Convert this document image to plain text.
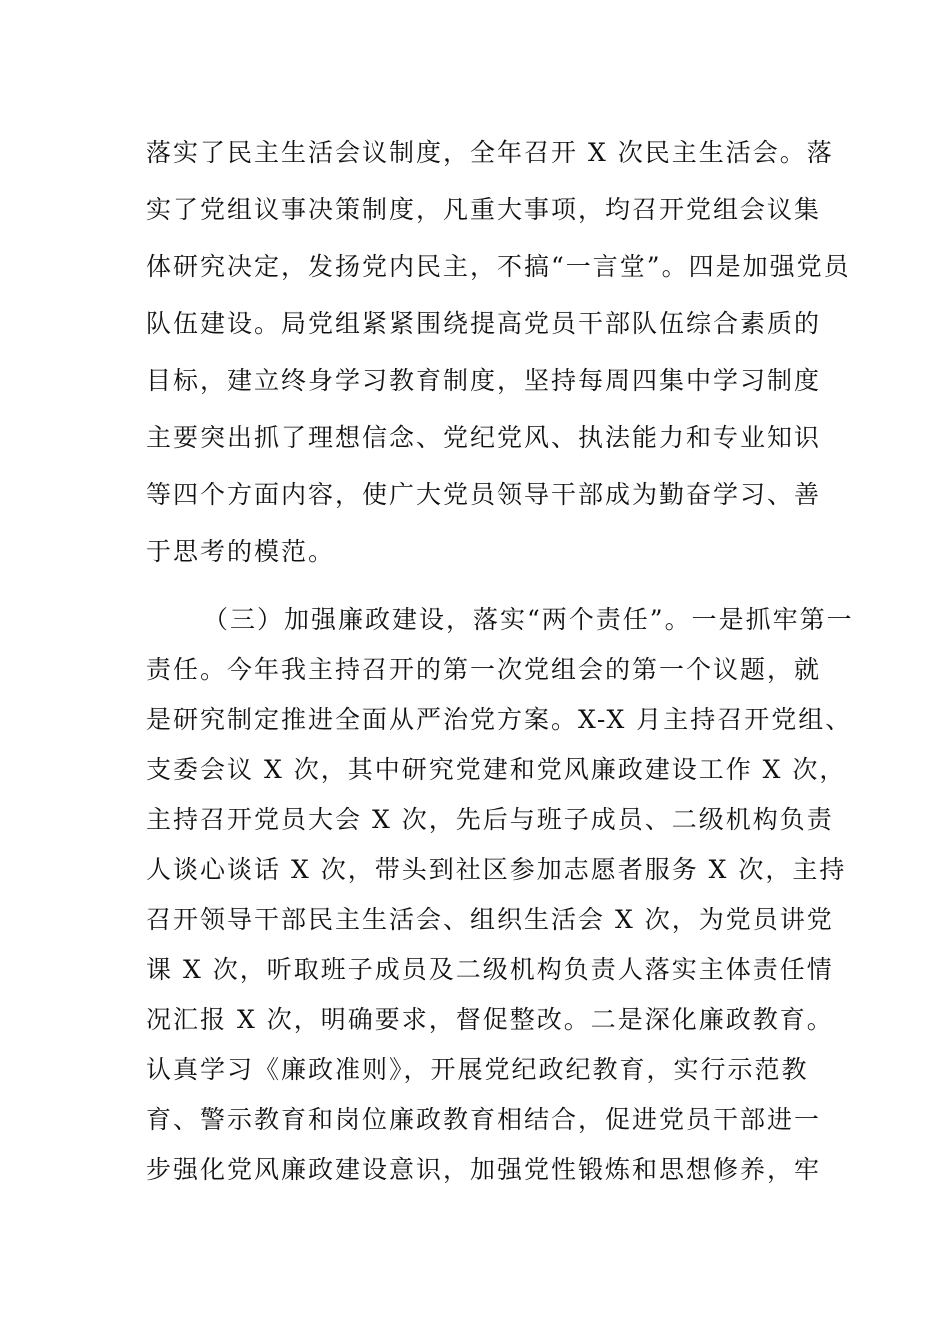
落实了民主生活会议制度，全年召开 X 次民主生活会。落
实了党组议事决策制度，凡重大事项，均召开党组会议集
体研究决定，发扬党内民主，不搞“一言堂”。四是加强党员
队伍建设。局党组紧紧围绕提高党员干部队伍综合素质的
目标，建立终身学习教育制度，坚持每周四集中学习制度
主要突出抓了理想信念、党纪党风、执法能力和专业知识
等四个方面内容，使广大党员领导干部成为勤奋学习、善
于思考的模范。
（三）加强廉政建设，落实“两个责任”。一是抓牢第一
责任。今年我主持召开的第一次党组会的第一个议题，就
是研究制定推进全面从严治党方案。X-X 月主持召开党组、
支委会议 X 次，其中研究党建和党风廉政建设工作 X 次，
主持召开党员大会 X 次，先后与班子成员、二级机构负责
人谈心谈话 X 次，带头到社区参加志愿者服务 X 次，主持
召开领导干部民主生活会、组织生活会 X 次，为党员讲党
课 X 次，听取班子成员及二级机构负责人落实主体责任情
况汇报 X 次，明确要求，督促整改。二是深化廉政教育。
认真学习《廉政准则》，开展党纪政纪教育，实行示范教
育、警示教育和岗位廉政教育相结合，促进党员干部进一
步强化党风廉政建设意识，加强党性锻炼和思想修养，牢
